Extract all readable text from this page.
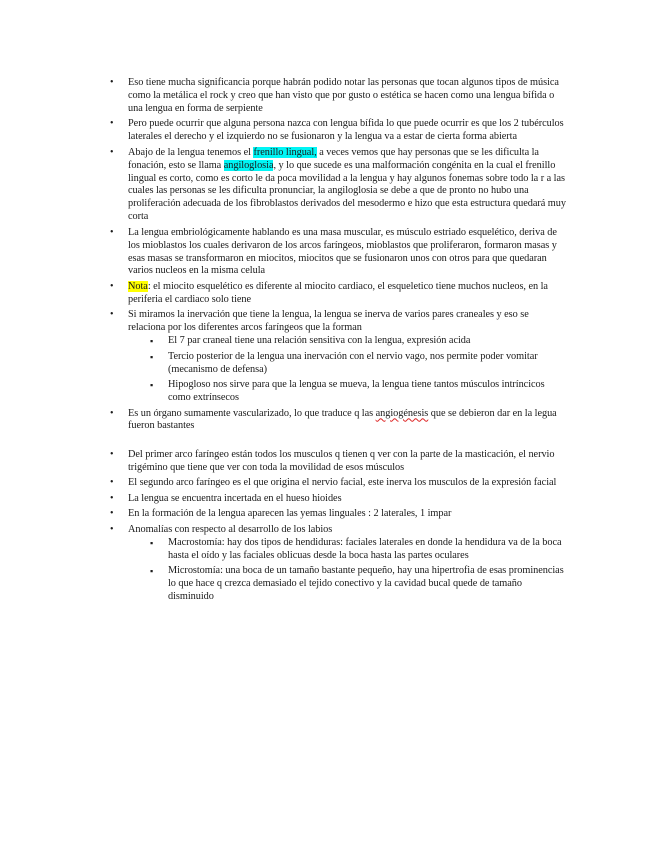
• Eso tiene mucha significancia porque habrán podido notar las personas que tocan algunos tipos de música como la metálica el rock y creo que han visto que por gusto o estética se hacen como una lengua bífida o una lengua en forma de serpiente
• Pero puede ocurrir que alguna persona nazca con lengua bífida lo que puede ocurrir es que los 2 tubérculos laterales el derecho y el izquierdo no se fusionaron y la lengua va a estar de cierta forma abierta
• Abajo de la lengua tenemos el frenillo lingual, a veces vemos que hay personas que se les dificulta la fonación, esto se llama angiloglosia, y lo que sucede es una malformación congénita en la cual el frenillo lingual es corto, como es corto le da poca movilidad a la lengua y hay algunos fonemas sobre todo la r a las cuales las personas se les dificulta pronunciar, la angiloglosia se debe a que de pronto no hubo una proliferación adecuada de los fibroblastos derivados del mesodermo e hizo que esta estructura quedará muy corta
• La lengua embriológicamente hablando es una masa muscular, es músculo estriado esquelético, deriva de los mioblastos los cuales derivaron de los arcos faríngeos, mioblastos que proliferaron, formaron masas y esas masas se transformaron en miocitos, miocitos que se fusionaron unos con otros para que quedaran varios nucleos en la misma celula
• Nota: el miocito esquelético es diferente al miocito cardiaco, el esqueletico tiene muchos nucleos, en la periferia el cardiaco solo tiene
• Si miramos la inervación que tiene la lengua, la lengua se inerva de varios pares craneales y eso se relaciona por los diferentes arcos faríngeos que la forman
▪ El 7 par craneal tiene una relación sensitiva con la lengua, expresión acida
▪ Tercio posterior de la lengua una inervación con el nervio vago, nos permite poder vomitar (mecanismo de defensa)
▪ Hipogloso nos sirve para que la lengua se mueva, la lengua tiene tantos músculos intríncicos como extrínsecos
• Es un órgano sumamente vascularizado, lo que traduce q las angiogénesis que se debieron dar en la legua fueron bastantes
• Del primer arco faríngeo están todos los musculos q tienen q ver con la parte de la masticación, el nervio trigémino que tiene que ver con toda la movilidad de esos músculos
• El segundo arco faríngeo es el que origina el nervio facial, este inerva los musculos de la expresión facial
• La lengua se encuentra incertada en el hueso hioides
• En la formación de la lengua aparecen las yemas linguales : 2 laterales, 1 impar
• Anomalías con respecto al desarrollo de los labios
▪ Macrostomía: hay dos tipos de hendiduras: faciales laterales en donde la hendidura va de la boca hasta el oído y las faciales oblicuas desde la boca hasta las partes oculares
▪ Microstomía: una boca de un tamaño bastante pequeño, hay una hipertrofia de esas prominencias lo que hace q crezca demasiado el tejido conectivo y la cavidad bucal quede de tamaño disminuido
